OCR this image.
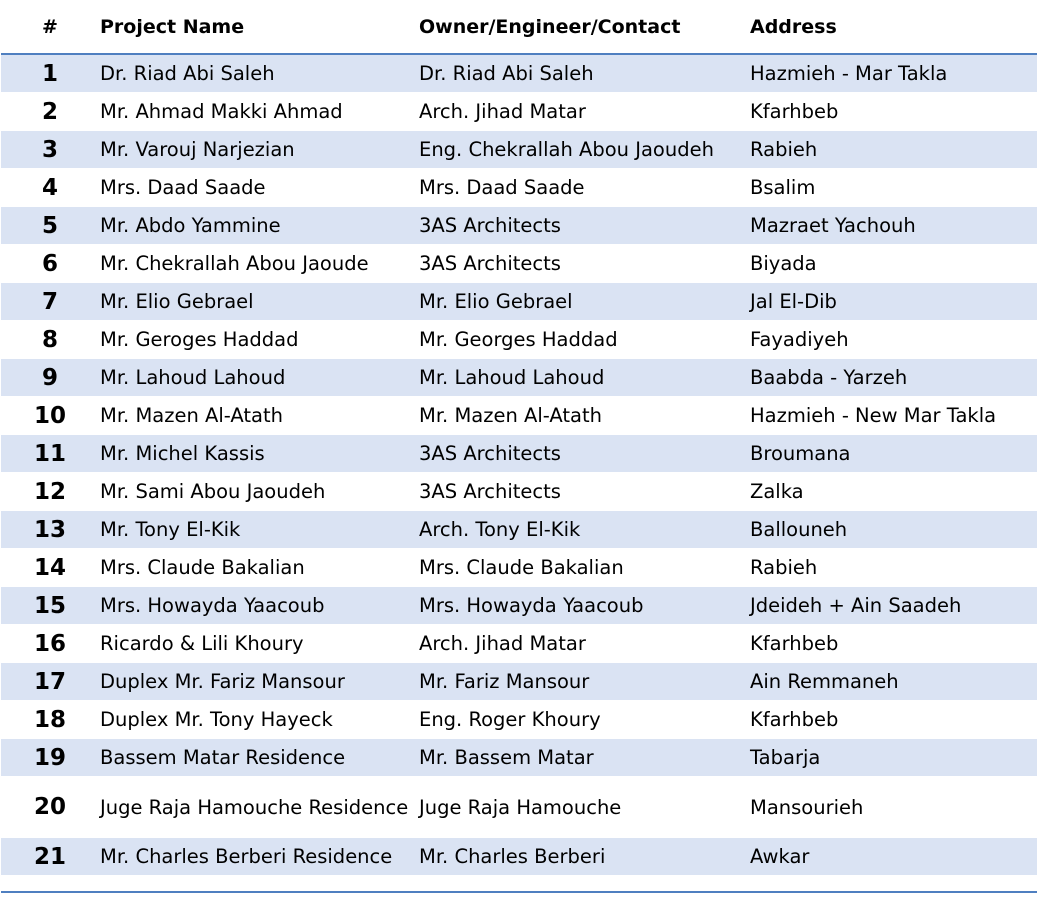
#	Project Name	Owner/Engineer/Contact	Address
1	Dr. Riad Abi Saleh	Dr. Riad Abi Saleh	Hazmieh - Mar Takla
2	Mr. Ahmad Makki Ahmad	Arch. Jihad Matar	Kfarhbeb
3	Mr. Varouj Narjezian	Eng. Chekrallah Abou Jaoudeh	Rabieh
4	Mrs. Daad Saade	Mrs. Daad Saade	Bsalim
5	Mr. Abdo Yammine	3AS Architects	Mazraet Yachouh
6	Mr. Chekrallah Abou Jaoude	3AS Architects	Biyada
7	Mr. Elio Gebrael	Mr. Elio Gebrael	Jal El-Dib
8	Mr. Geroges Haddad	Mr. Georges Haddad	Fayadiyeh
9	Mr. Lahoud Lahoud	Mr. Lahoud Lahoud	Baabda - Yarzeh
10	Mr. Mazen Al-Atath	Mr. Mazen Al-Atath	Hazmieh - New Mar Takla
11	Mr. Michel Kassis	3AS Architects	Broumana
12	Mr. Sami Abou Jaoudeh	3AS Architects	Zalka
13	Mr. Tony El-Kik	Arch. Tony El-Kik	Ballouneh
14	Mrs. Claude Bakalian	Mrs. Claude Bakalian	Rabieh
15	Mrs. Howayda Yaacoub	Mrs. Howayda Yaacoub	Jdeideh + Ain Saadeh
16	Ricardo & Lili Khoury	Arch. Jihad Matar	Kfarhbeb
17	Duplex Mr. Fariz Mansour	Mr. Fariz Mansour	Ain Remmaneh
18	Duplex Mr. Tony Hayeck	Eng. Roger Khoury	Kfarhbeb
19	Bassem Matar Residence	Mr. Bassem Matar	Tabarja
20	Juge Raja Hamouche Residence	Juge Raja Hamouche	Mansourieh
21	Mr. Charles Berberi Residence	Mr. Charles Berberi	Awkar
